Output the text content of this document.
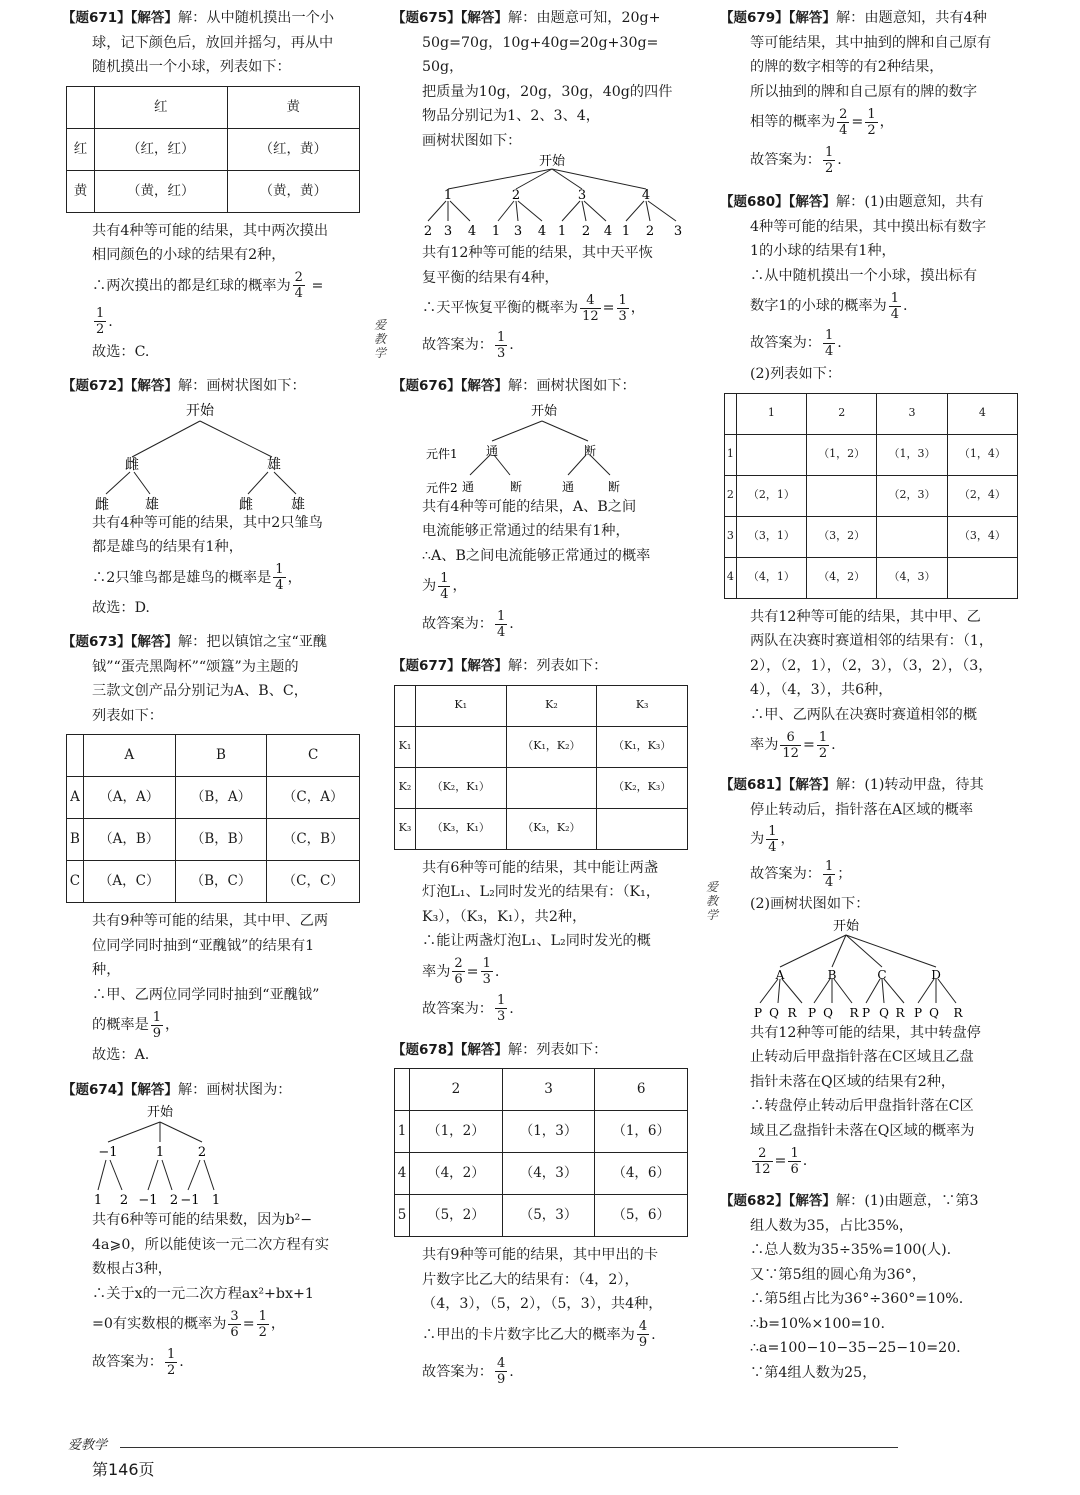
【题671】【解答】解：从中随机摸出一个小

球，记下颜色后，放回并摇匀，再从中

随机摸出一个小球，列表如下：

	红	黄
红	（红，红）	（红，黄）
黄	（黄，红）	（黄，黄）

共有4种等可能的结果，其中两次摸出

相同颜色的小球的结果有2种，

∴两次摸出的都是红球的概率为 $\frac{2}{4}$ =

$\frac{1}{2}$ .

故选：C.

【题672】【解答】解：画树状图如下：

开始
雌	雄
雌	雄	雌	雄

共有4种等可能的结果，其中2只雏鸟

都是雄鸟的结果有1种，

∴2只雏鸟都是雄鸟的概率是 $\frac{1}{4}$ ，

故选：D.

【题673】【解答】解：把以镇馆之宝“亚醜

钺”“蛋壳黑陶杯”“颂簋”为主题的

三款文创产品分别记为A、B、C，

列表如下：

	A	B	C
A	（A，A）	（B，A）	（C，A）
B	（A，B）	（B，B）	（C，B）
C	（A，C）	（B，C）	（C，C）

共有9种等可能的结果，其中甲、乙两

位同学同时抽到“亚醜钺”的结果有1

种，

∴甲、乙两位同学同时抽到“亚醜钺”

的概率是 $\frac{1}{9}$ ，

故选：A.

【题674】【解答】解：画树状图为：

开始
−1	1	2
1 2 −1 2 −1 1

共有6种等可能的结果数，因为b²−

4a⩾0，所以能使该一元二次方程有实

数根占3种，

∴关于x的一元二次方程ax²+bx+1

=0有实数根的概率为 $\frac{3}{6} = \frac{1}{2}$ ，

故答案为： $\frac{1}{2}$ .

【题675】【解答】解：由题意可知，20g+

50g=70g，10g+40g=20g+30g=

50g，

把质量为10g，20g，30g，40g的四件

物品分别记为1、2、3、4，

画树状图如下：

开始
1	2	3	4
2 3 4 1 3 4 1 2 4 1 2 3

共有12种等可能的结果，其中天平恢

复平衡的结果有4种，

∴天平恢复平衡的概率为 $\frac{4}{12} = \frac{1}{3}$ ，

故答案为： $\frac{1}{3}$ .

【题676】【解答】解：画树状图如下：

开始
元件1
元件2
通	断
通	断	通	断

共有4种等可能的结果，A、B之间

电流能够正常通过的结果有1种，

∴A、B之间电流能够正常通过的概率

为 $\frac{1}{4}$ ，

故答案为： $\frac{1}{4}$ .

【题677】【解答】解：列表如下：

	K₁	K₂	K₃
K₁		（K₁，K₂）	（K₁，K₃）
K₂	（K₂，K₁）		（K₂，K₃）
K₃	（K₃，K₁）	（K₃，K₂）	

共有6种等可能的结果，其中能让两盏

灯泡L₁、L₂同时发光的结果有：（K₁，

K₃），（K₃，K₁），共2种，

∴能让两盏灯泡L₁、L₂同时发光的概

率为 $\frac{2}{6} = \frac{1}{3}$ .

故答案为： $\frac{1}{3}$ .

【题678】【解答】解：列表如下：

	2	3	6
1	（1，2）	（1，3）	（1，6）
4	（4，2）	（4，3）	（4，6）
5	（5，2）	（5，3）	（5，6）

共有9种等可能的结果，其中甲出的卡

片数字比乙大的结果有：（4，2），

（4，3），（5，2），（5，3），共4种，

∴甲出的卡片数字比乙大的概率为 $\frac{4}{9}$ .

故答案为： $\frac{4}{9}$ .

【题679】【解答】解：由题意知，共有4种

等可能结果，其中抽到的牌和自己原有

的牌的数字相等的有2种结果，

所以抽到的牌和自己原有的牌的数字

相等的概率为 $\frac{2}{4} = \frac{1}{2}$ ，

故答案为： $\frac{1}{2}$ .

【题680】【解答】解：(1)由题意知，共有

4种等可能的结果，其中摸出标有数字

1的小球的结果有1种，

∴从中随机摸出一个小球，摸出标有

数字1的小球的概率为 $\frac{1}{4}$ .

故答案为： $\frac{1}{4}$ .

(2)列表如下：

	1	2	3	4
1		（1，2）	（1，3）	（1，4）
2	（2，1）		（2，3）	（2，4）
3	（3，1）	（3，2）		（3，4）
4	（4，1）	（4，2）	（4，3）	

共有12种等可能的结果，其中甲、乙

两队在决赛时赛道相邻的结果有：（1，

2），（2，1），（2，3），（3，2），（3，

4），（4，3），共6种，

∴甲、乙两队在决赛时赛道相邻的概

率为 $\frac{6}{12} = \frac{1}{2}$ .

【题681】【解答】解：(1)转动甲盘，待其

停止转动后，指针落在A区域的概率

为 $\frac{1}{4}$ ，

故答案为： $\frac{1}{4}$ ；

(2)画树状图如下：

开始
A	B	C	D
P Q R P Q R P Q R P Q R

共有12种等可能的结果，其中转盘停

止转动后甲盘指针落在C区域且乙盘

指针未落在Q区域的结果有2种，

∴转盘停止转动后甲盘指针落在C区

域且乙盘指针未落在Q区域的概率为

$\frac{2}{12} = \frac{1}{6}$ .

【题682】【解答】解：(1)由题意，∵第3

组人数为35，占比35%，

∴总人数为35÷35%=100(人).

又∵第5组的圆心角为36°，

∴第5组占比为36°÷360°=10%.

∴b=10%×100=10.

∴a=100−10−35−25−10=20.

∵第4组人数为25，

爱教学
爱教学
爱教学
第146页
